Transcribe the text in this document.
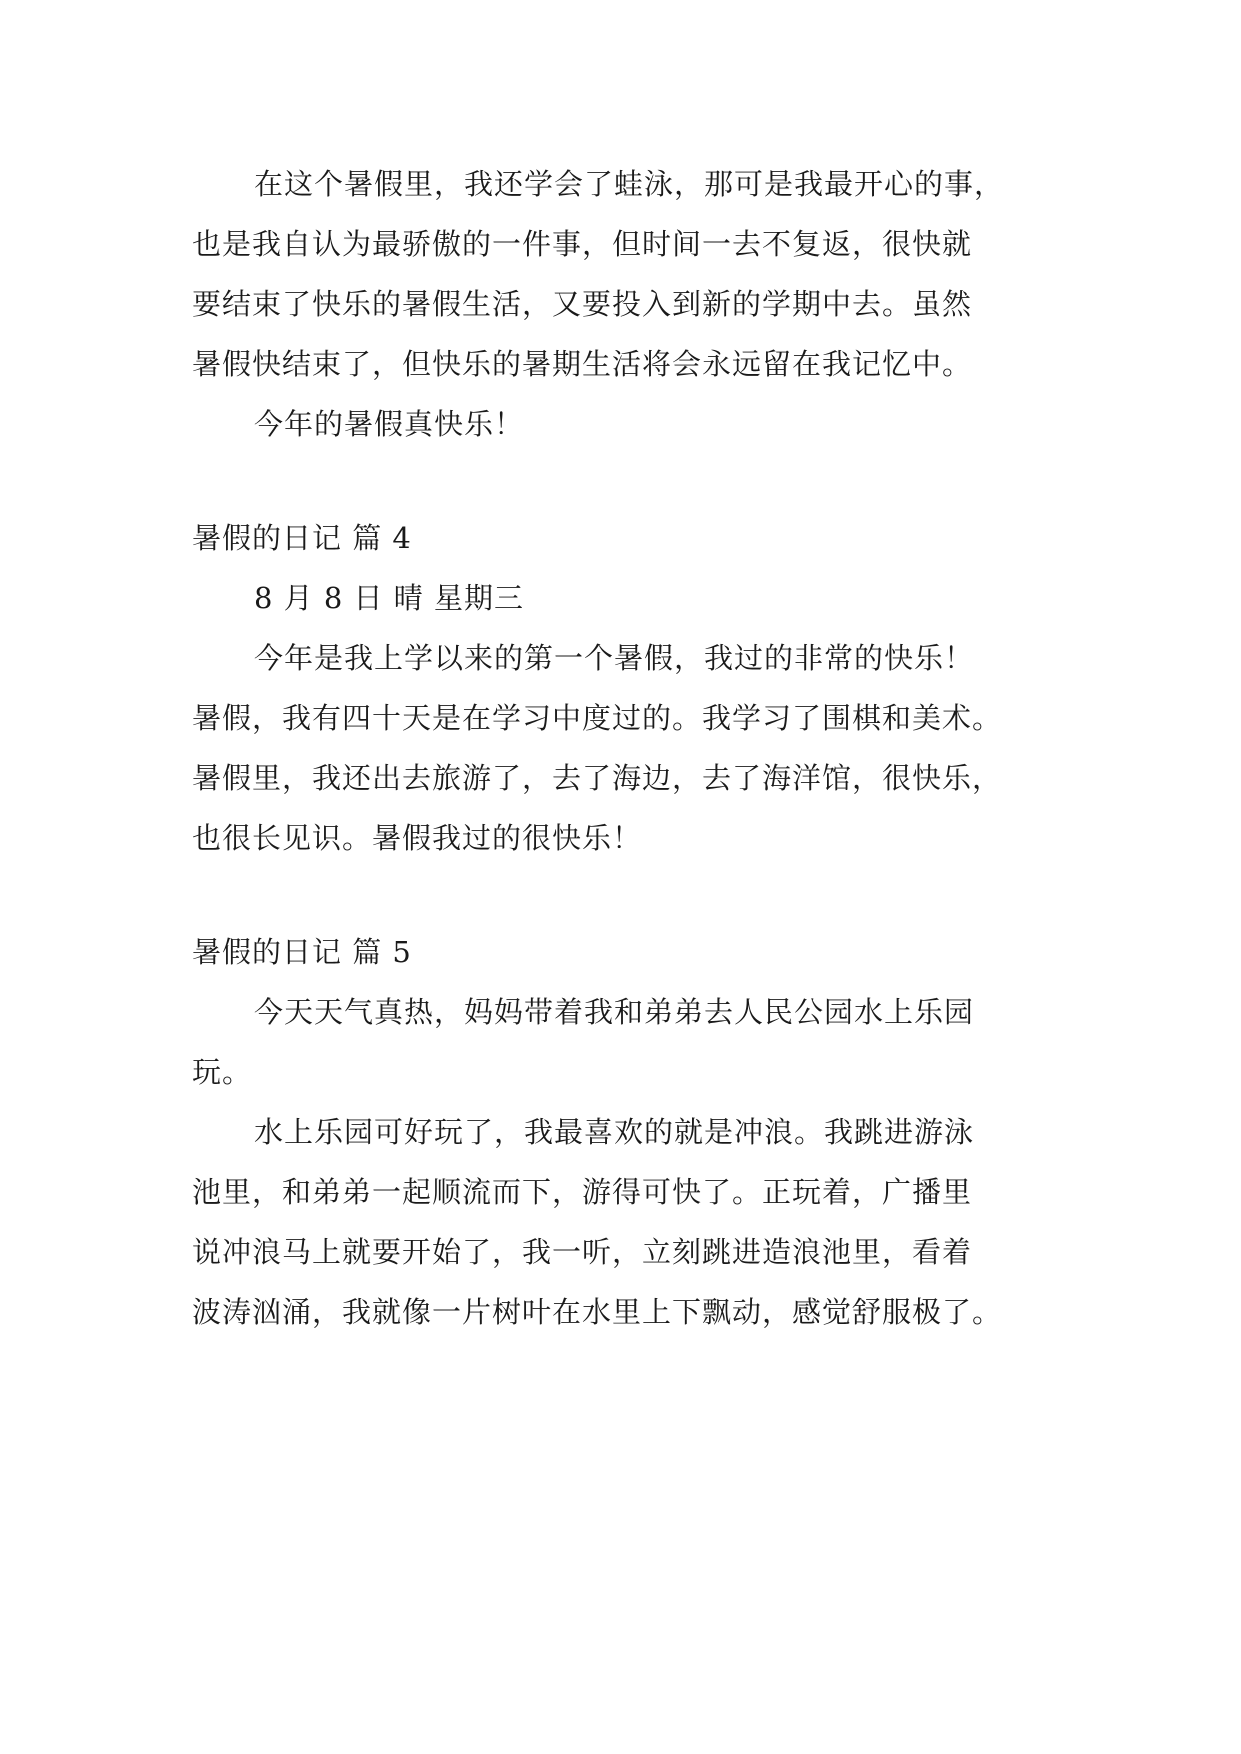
在这个暑假里，我还学会了蛙泳，那可是我最开心的事，
也是我自认为最骄傲的一件事，但时间一去不复返，很快就
要结束了快乐的暑假生活，又要投入到新的学期中去。虽然
暑假快结束了，但快乐的暑期生活将会永远留在我记忆中。
今年的暑假真快乐！
暑假的日记 篇 4
8 月 8 日 晴 星期三
今年是我上学以来的第一个暑假，我过的非常的快乐！
暑假，我有四十天是在学习中度过的。我学习了围棋和美术。
暑假里，我还出去旅游了，去了海边，去了海洋馆，很快乐，
也很长见识。暑假我过的很快乐！
暑假的日记 篇 5
今天天气真热，妈妈带着我和弟弟去人民公园水上乐园
玩。
水上乐园可好玩了，我最喜欢的就是冲浪。我跳进游泳
池里，和弟弟一起顺流而下，游得可快了。正玩着，广播里
说冲浪马上就要开始了，我一听，立刻跳进造浪池里，看着
波涛汹涌，我就像一片树叶在水里上下飘动，感觉舒服极了。
